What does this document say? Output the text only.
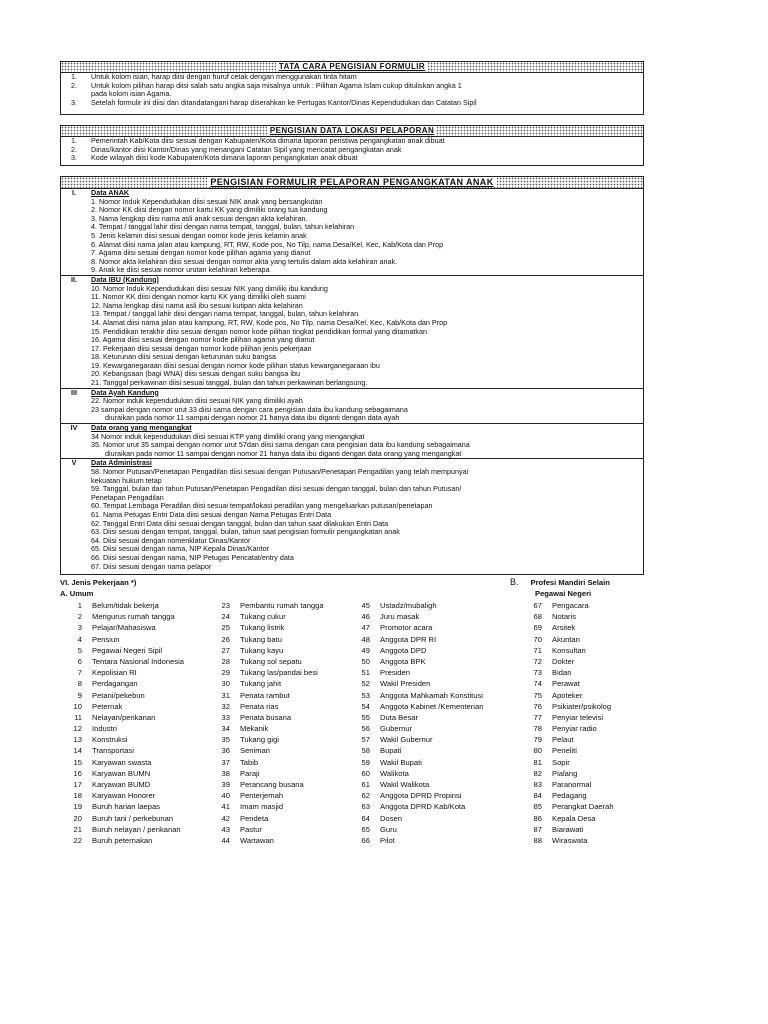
TATA CARA PENGISIAN FORMULIR
1.	Untuk kolom isian, harap diisi dengan huruf cetak dengan menggunakan tinta hitam
2.	Untuk kolom pilihan harap diisi salah satu angka saja misalnya untuk : Pilihan Agama Islam cukup dituliskan angka 1
pada kolom isian Agama.
3.	Setelah formulir ini diisi dan ditandatangani harap diserahkan ke Pertugas Kantor/Dinas Kependudukan dan Catatan Sipil
PENGISIAN DATA LOKASI PELAPORAN
1.	Pemerintah Kab/Kota diisi sesuai dengan Kabupaten/Kota dimana laporan peristiwa pengangkatan anak dibuat
2.	Dinas/kantor diisi Kantor/Dinas yang menangani Catatan Sipil yang mencatat pengangkatan anak
3.	Kode wilayah diisi kode Kabupaten/Kota dimana laporan pengangkatan anak dibuat
PENGISIAN FORMULIR PELAPORAN PENGANGKATAN ANAK
I.	Data ANAK
1. Nomor Induk Kependudukan diisi sesuai NIK anak yang bersangkutan
2. Nomor KK diisi dengan nomor kartu KK yang dimiliki orang tua kandung
3. Nama lengkap diisi nama asli anak sesuai dengan akta kelahiran.
4. Tempat / tanggal lahir diisi dengan nama tempat, tanggal, bulan, tahun kelahiran
5. Jenis kelamin diisi sesuai dengan nomor kode jenis kelamin anak
6. Alamat diisi nama jalan atau kampung, RT, RW, Kode pos, No Tilp, nama Desa/Kel, Kec, Kab/Kota dan Prop
7. Agama diisi sesuai dengan nomor kode pilihan agama yang dianut
8. Nomor akta kelahiran diisi sesuai dengan nomor akta yang tertulis dalam akta kelahiran anak.
9. Anak ke diisi sesuai nomor urutan kelahiran keberapa
II.	Data IBU (Kandung)
10. Nomor Induk Kependudukan diisi sesuai NIK yang dimiliki ibu kandung
11. Nomor KK diisi dengan nomor kartu KK yang dimiliki oleh suami
12. Nama lengkap diisi nama asli ibu sesuai kutipan akta kelahiran
13. Tempat / tanggal lahir diisi dengan nama tempat, tanggal, bulan, tahun kelahiran
14. Alamat diisi nama jalan atau kampung, RT, RW, Kode pos, No Tilp, nama Desa/Kel, Kec, Kab/Kota dan Prop
15. Pendidikan terakhir diisi sesuai dengan nomor kode pilihan tingkat pendidikan formal yang ditamatkan
16. Agama diisi sesuai dengan nomor kode pilihan agama yang dianut
17. Pekerjaan diisi sesuai dengan nomor kode pilihan jenis pekerjaan
18. Keturunan diisi sesuai dengan keturunan suku bangsa
19. Kewarganegaraan diisi sesuai dengan nomor kode pilihan status kewarganegaraan ibu
20. Kebangsaan (bagi WNA) diisi sesuai dengan suku bangsa ibu
21. Tanggal perkawinan diisi sesuai tanggal, bulan dan tahun perkawinan berlangsung.
III	Data Ayah Kandung
22. Nomor induk kependudukan diisi sesuai NIK yang dimiliki ayah
23 sampai dengan nomor urut 33 diisi sama dengan cara pengisian data ibu kandung sebagaimana
diuraikan pada nomor 11 sampai dengan nomor 21 hanya data ibu diganti dengan data ayah
IV	Data orang yang mengangkat
34 Nomor induk kependudukan diisi sesuai KTP yang dimiliki orang yang mengangkat
35. Nomor urut 35 sampai dengan nomor urut 57dan diisi sama dengan cara pengisian data ibu kandung sebagaimana
diuraikan pada nomor 11 sampai dengan nomor 21 hanya data ibu diganti dengan data orang yang mengangkat
V	Data Administrasi
58. Nomor Putusan/Penetapan Pengadilan diisi sesuai dengan Putusan/Penetapan Pengadilan yang telah mempunyai
kekuatan hukum tetap
59. Tanggal, bulan dan tahun Putusan/Penetapan Pengadilan diisi sesuai dengan tanggal, bulan dan tahun Putusan/
Penetapan Pengadilan
60. Tempat Lembaga Peradilan diisi sesuai tempat/lokasi peradilan yang mengeluarkan putusan/penetapan
61. Nama Petugas Entri Data diisi sesuai dengan Nama Petugas Entri Data
62. Tanggal Entri Data diisi sesuai dengan tanggal, bulan dan tahun saat dilakukan Entri Data
63. Diisi sesuai dengan tempat, tanggal, bulan, tahun saat pengisian formulir pengangkatan anak
64. Diisi sesuai dengan nomenklatur Dinas/Kantor
65. Diisi sesuai dengan nama, NIP Kepala Dinas/Kantor
66. Diisi sesuai dengan nama, NIP Petugas Pencatat/entry data
67. Diisi sesuai dengan nama pelapor
VI. Jenis Pekerjaan *)	B. Profesi Mandiri Selain
Pegawai Negeri
A. Umum
1 Belum/tidak bekerja
2 Mengurus rumah tangga
3 Pelajar/Mahasiswa
4 Pensiun
5 Pegawai Negeri Sipil
6 Tentara Nasional Indonesia
7 Kepolisian RI
8 Perdagangan
9 Petani/pekebun
10 Peternak
11 Nelayan/perikanan
12 Industri
13 Konstruksi
14 Transportasi
15 Karyawan swasta
16 Karyawan BUMN
17 Karyawan BUMD
18 Karyawan Honorer
19 Buruh harian laepas
20 Buruh tani / perkebunan
21 Buruh nelayan / perikanan
22 Buruh peternakan
23 Pembantu rumah tangga
24 Tukang cukur
25 Tukang listrik
26 Tukang batu
27 Tukang kayu
28 Tukang sol sepatu
29 Tukang las/pandai besi
30 Tukang jahit
31 Penata rambut
32 Penata rias
33 Penata busana
34 Mekanik
35 Tukang gigi
36 Seniman
37 Tabib
38 Paraji
39 Perancang busana
40 Penterjemah
41 Imam masjid
42 Pendeta
43 Pastur
44 Wartawan
45 Ustadz/mubaligh
46 Juru masak
47 Promotor acara
48 Anggota DPR RI
49 Anggota DPD
50 Anggota BPK
51 Presiden
52 Wakil Presiden
53 Anggota Mahkamah Konstitusi
54 Anggota Kabinet /Kementerian
55 Duta Besar
56 Gubernur
57 Wakil Gubernur
58 Bupati
59 Wakil Bupati
60 Walikota
61 Wakil Walikota
62 Anggota DPRD Propinsi
63 Anggota DPRD Kab/Kota
64 Dosen
65 Guru
66 Pilot
67 Pengacara
68 Notaris
69 Arsitek
70 Akuntan
71 Konsultan
72 Dokter
73 Bidan
74 Perawat
75 Apoteker
76 Psikiater/psikolog
77 Penyiar televisi
78 Penyiar radio
79 Pelaut
80 Peneliti
81 Sopir
82 Pialang
83 Paranormal
84 Pedagang
85 Perangkat Daerah
86 Kepala Desa
87 Biarawati
88 Wiraswata
